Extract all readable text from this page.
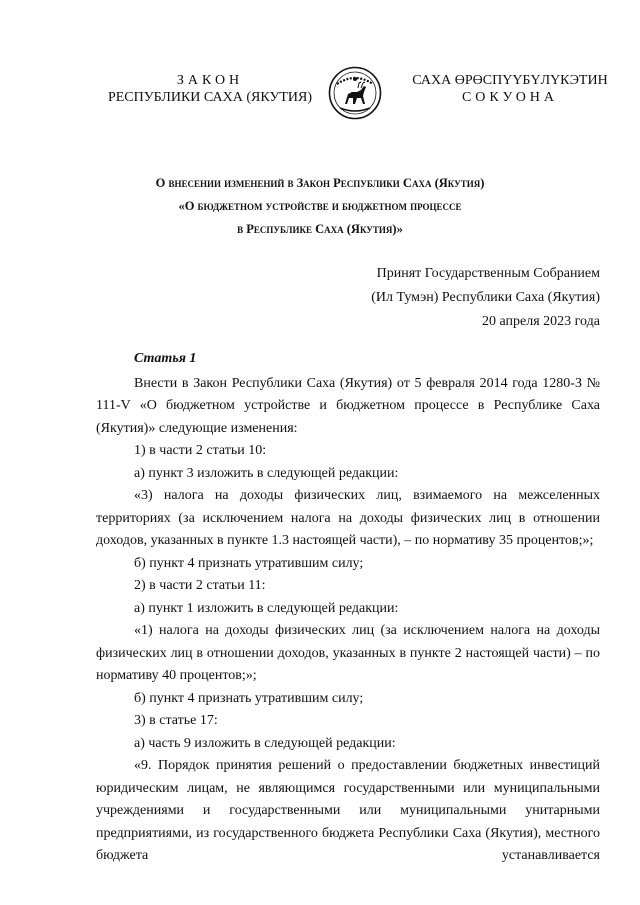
ЗАКОН
РЕСПУБЛИКИ САХА (ЯКУТИЯ)
САХА ӨРӨСПҮҮБҮЛҮКЭТИН
СОКУОНА
О внесении изменений в Закон Республики Саха (Якутия)
«О бюджетном устройстве и бюджетном процессе
в Республике Саха (Якутия)»
Принят Государственным Собранием
(Ил Тумэн) Республики Саха (Якутия)
20 апреля 2023 года
Статья 1

Внести в Закон Республики Саха (Якутия) от 5 февраля 2014 года 1280-З № 111-V «О бюджетном устройстве и бюджетном процессе в Республике Саха (Якутия)» следующие изменения:

1) в части 2 статьи 10:

а) пункт 3 изложить в следующей редакции:

«3) налога на доходы физических лиц, взимаемого на межселенных территориях (за исключением налога на доходы физических лиц в отношении доходов, указанных в пункте 1.3 настоящей части), – по нормативу 35 процентов;»;

б) пункт 4 признать утратившим силу;

2) в части 2 статьи 11:

а) пункт 1 изложить в следующей редакции:

«1) налога на доходы физических лиц (за исключением налога на доходы физических лиц в отношении доходов, указанных в пункте 2 настоящей части) – по нормативу 40 процентов;»;

б) пункт 4 признать утратившим силу;

3) в статье 17:

а) часть 9 изложить в следующей редакции:

«9. Порядок принятия решений о предоставлении бюджетных инвестиций юридическим лицам, не являющимся государственными или муниципальными учреждениями и государственными или муниципальными унитарными предприятиями, из государственного бюджета Республики Саха (Якутия), местного бюджета устанавливается
